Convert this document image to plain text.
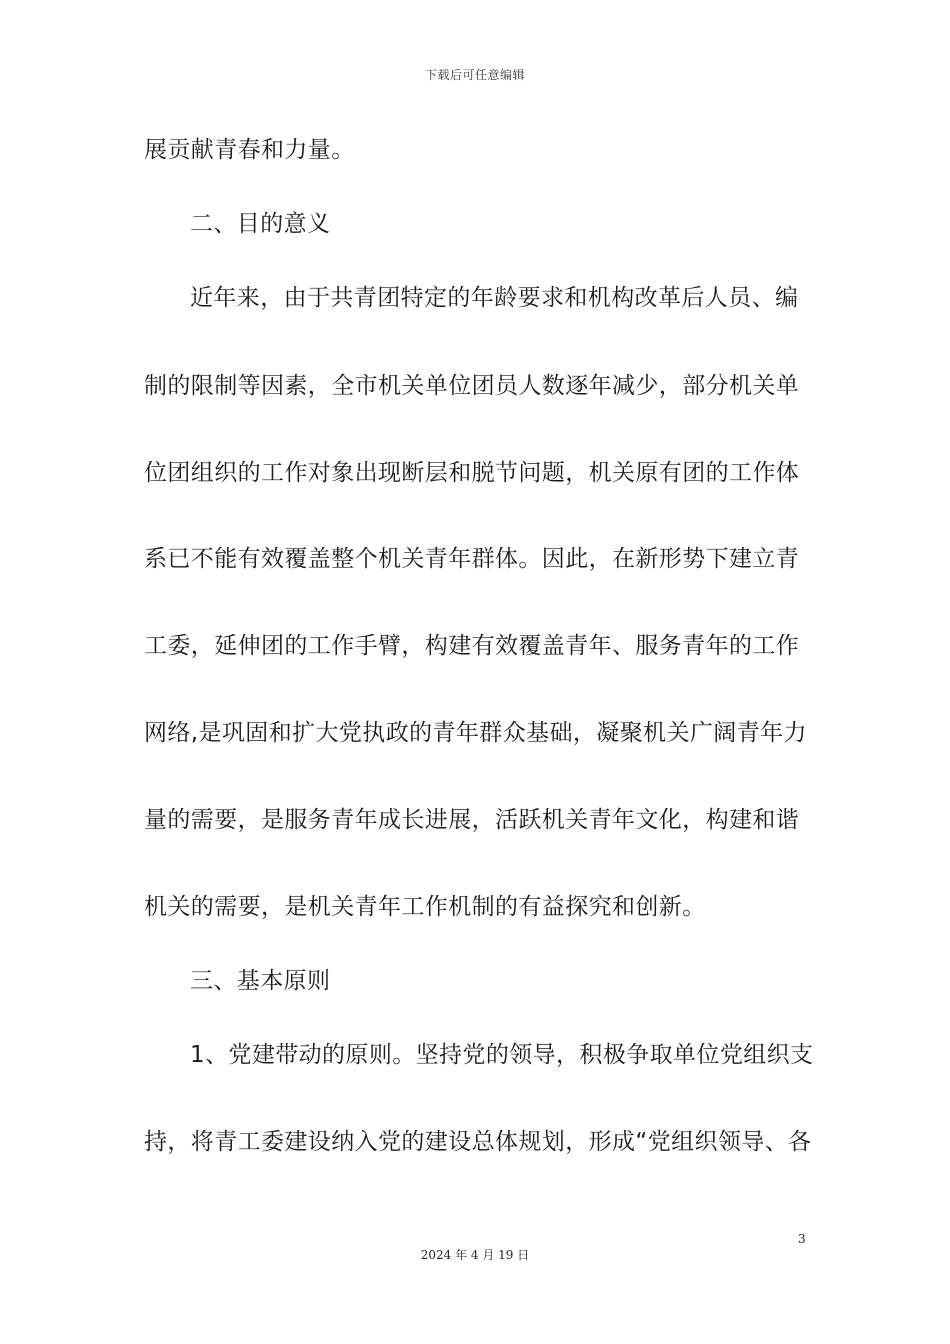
下载后可任意编辑
展贡献青春和力量。
二、目的意义
近年来，由于共青团特定的年龄要求和机构改革后人员、编
制的限制等因素，全市机关单位团员人数逐年减少，部分机关单
位团组织的工作对象出现断层和脱节问题，机关原有团的工作体
系已不能有效覆盖整个机关青年群体。因此，在新形势下建立青
工委，延伸团的工作手臂，构建有效覆盖青年、服务青年的工作
网络,是巩固和扩大党执政的青年群众基础，凝聚机关广阔青年力
量的需要，是服务青年成长进展，活跃机关青年文化，构建和谐
机关的需要，是机关青年工作机制的有益探究和创新。
三、基本原则
1、党建带动的原则。坚持党的领导，积极争取单位党组织支
持，将青工委建设纳入党的建设总体规划，形成“党组织领导、各
3
2024 年 4 月 19 日
